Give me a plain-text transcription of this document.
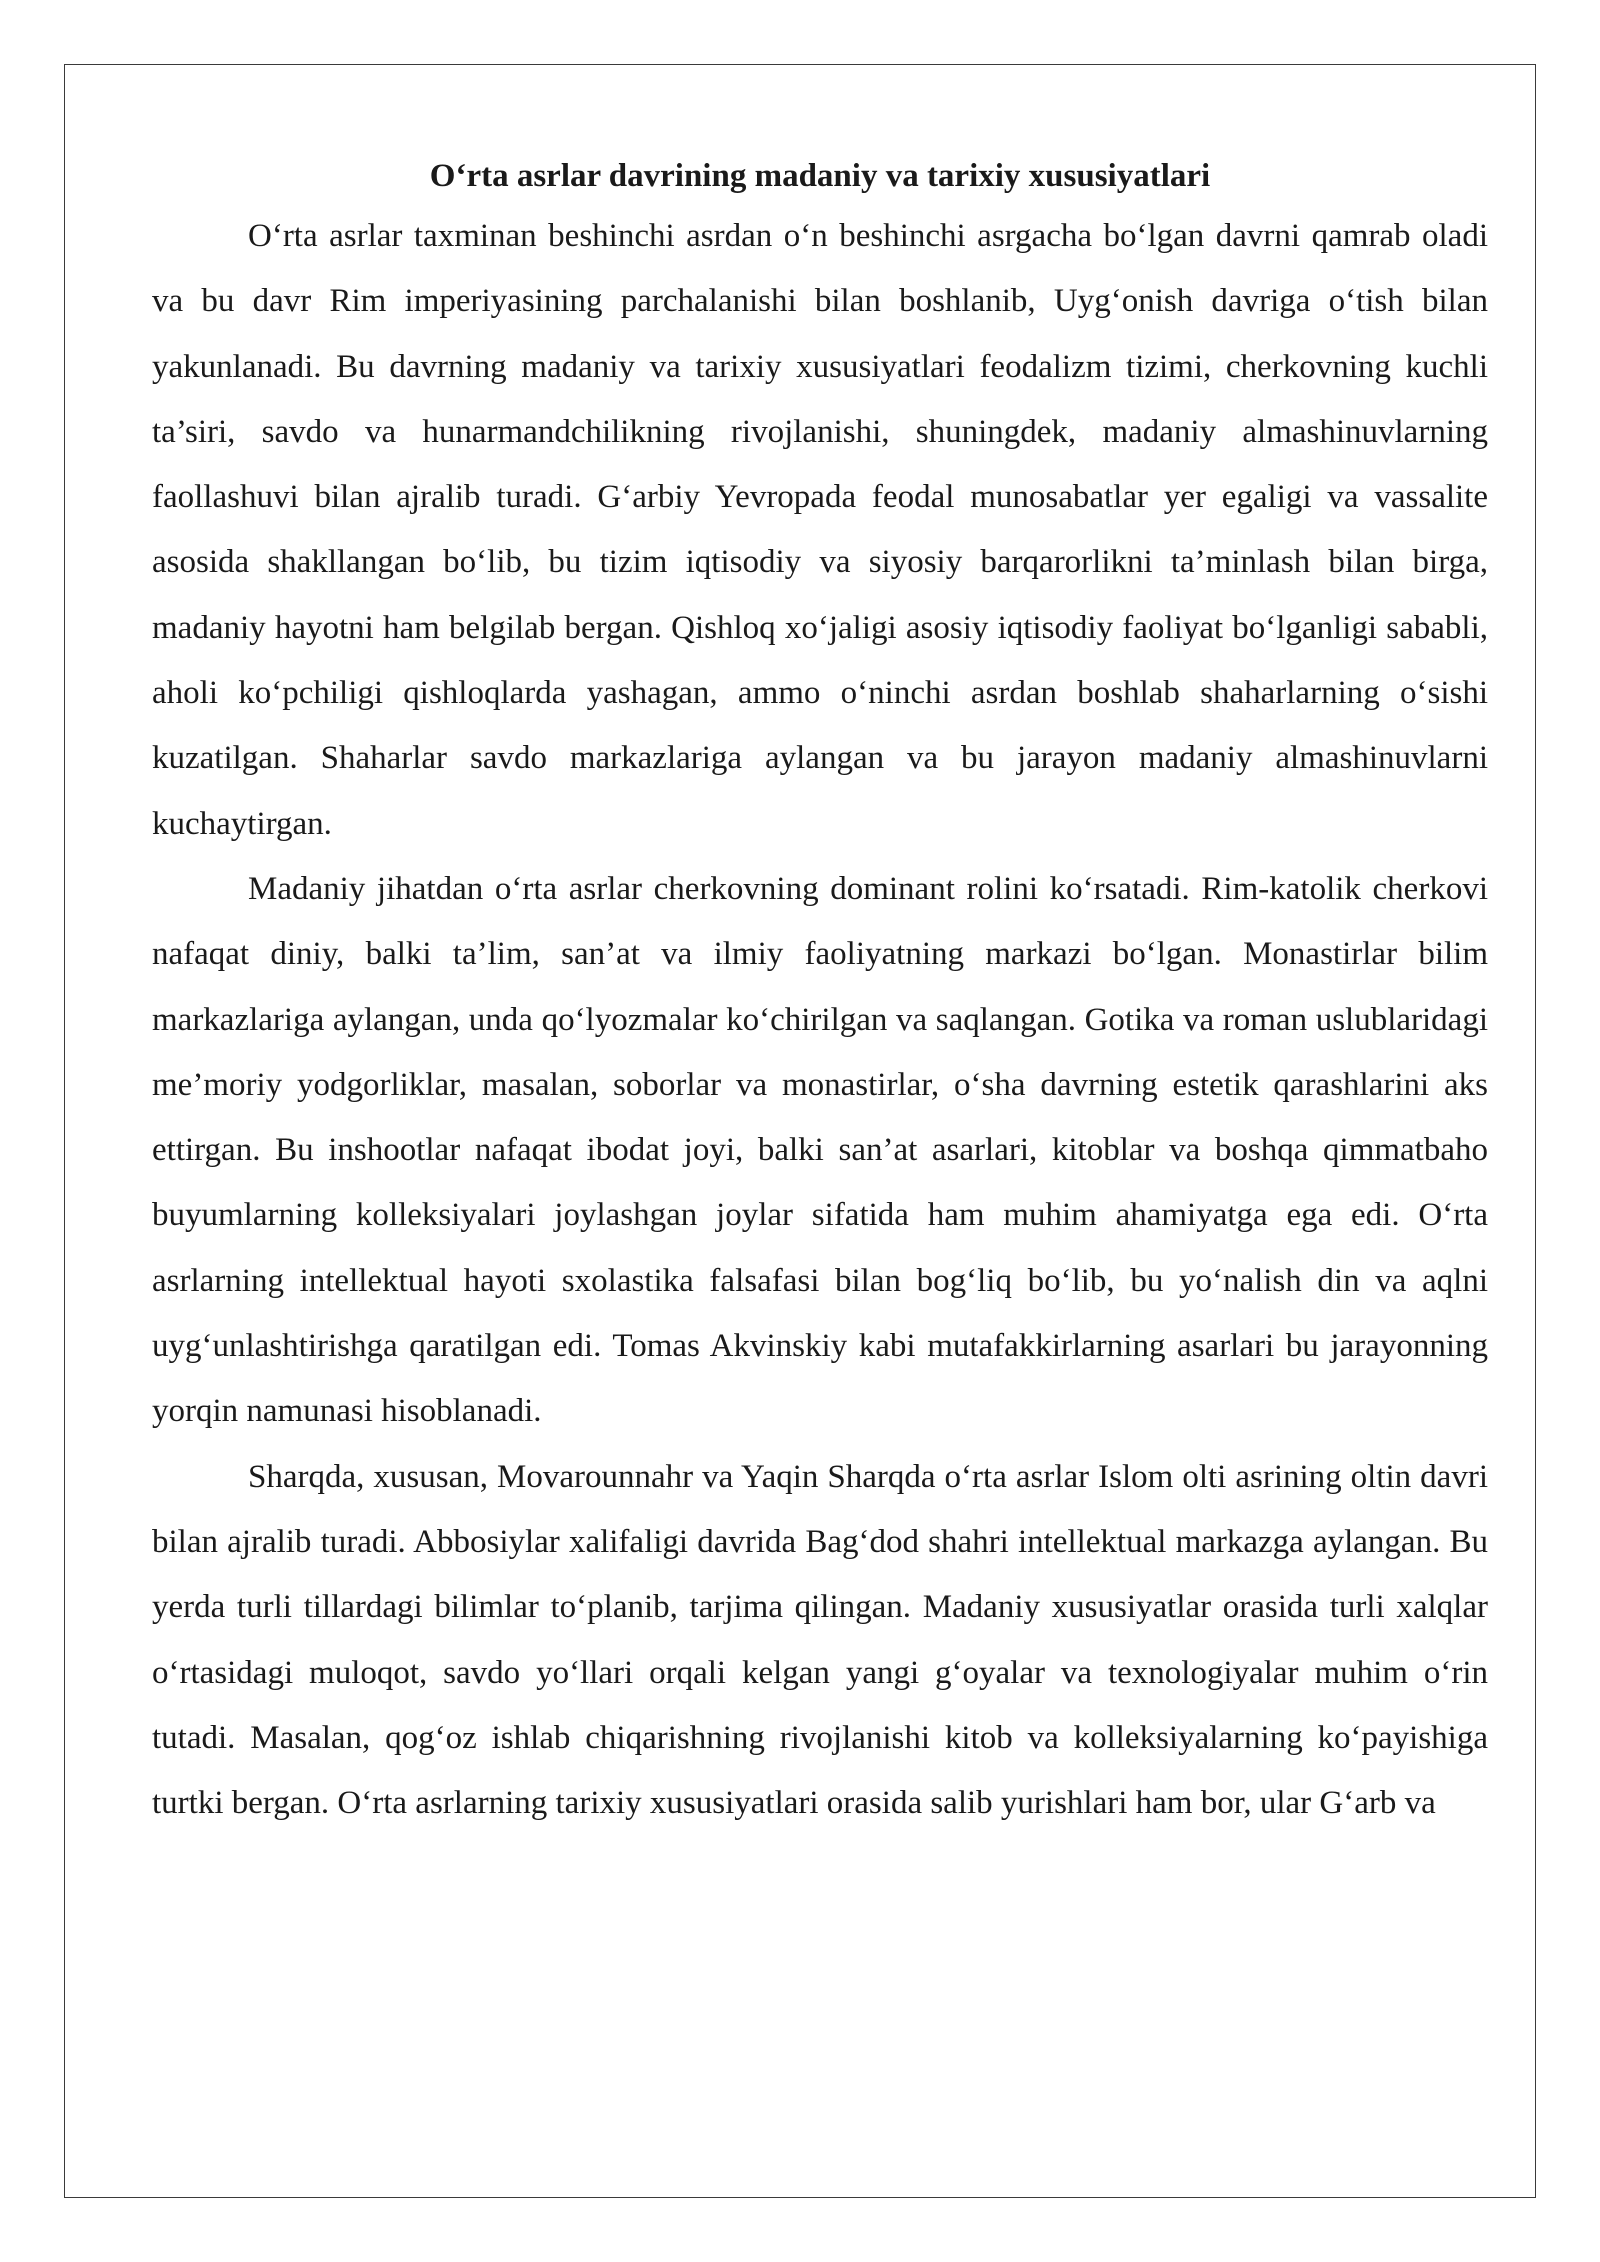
O‘rta asrlar davrining madaniy va tarixiy xususiyatlari

O‘rta asrlar taxminan beshinchi asrdan o‘n beshinchi asrgacha bo‘lgan davrni qamrab oladi va bu davr Rim imperiyasining parchalanishi bilan boshlanib, Uyg‘onish davriga o‘tish bilan yakunlanadi. Bu davrning madaniy va tarixiy xususiyatlari feodalizm tizimi, cherkovning kuchli ta’siri, savdo va hunarmandchilikning rivojlanishi, shuningdek, madaniy almashinuvlarning faollashuvi bilan ajralib turadi. G‘arbiy Yevropada feodal munosabatlar yer egaligi va vassalite asosida shakllangan bo‘lib, bu tizim iqtisodiy va siyosiy barqarorlikni ta’minlash bilan birga, madaniy hayotni ham belgilab bergan. Qishloq xo‘jaligi asosiy iqtisodiy faoliyat bo‘lganligi sababli, aholi ko‘pchiligi qishloqlarda yashagan, ammo o‘ninchi asrdan boshlab shaharlarning o‘sishi kuzatilgan. Shaharlar savdo markazlariga aylangan va bu jarayon madaniy almashinuvlarni kuchaytirgan.

Madaniy jihatdan o‘rta asrlar cherkovning dominant rolini ko‘rsatadi. Rim-katolik cherkovi nafaqat diniy, balki ta’lim, san’at va ilmiy faoliyatning markazi bo‘lgan. Monastirlar bilim markazlariga aylangan, unda qo‘lyozmalar ko‘chirilgan va saqlangan. Gotika va roman uslublaridagi me’moriy yodgorliklar, masalan, soborlar va monastirlar, o‘sha davrning estetik qarashlarini aks ettirgan. Bu inshootlar nafaqat ibodat joyi, balki san’at asarlari, kitoblar va boshqa qimmatbaho buyumlarning kolleksiyalari joylashgan joylar sifatida ham muhim ahamiyatga ega edi. O‘rta asrlarning intellektual hayoti sxolastika falsafasi bilan bog‘liq bo‘lib, bu yo‘nalish din va aqlni uyg‘unlashtirishga qaratilgan edi. Tomas Akvinskiy kabi mutafakkirlarning asarlari bu jarayonning yorqin namunasi hisoblanadi.

Sharqda, xususan, Movarounnahr va Yaqin Sharqda o‘rta asrlar Islom olti asrining oltin davri bilan ajralib turadi. Abbosiylar xalifaligi davrida Bag‘dod shahri intellektual markazga aylangan. Bu yerda turli tillardagi bilimlar to‘planib, tarjima qilingan. Madaniy xususiyatlar orasida turli xalqlar o‘rtasidagi muloqot, savdo yo‘llari orqali kelgan yangi g‘oyalar va texnologiyalar muhim o‘rin tutadi. Masalan, qog‘oz ishlab chiqarishning rivojlanishi kitob va kolleksiyalarning ko‘payishiga turtki bergan. O‘rta asrlarning tarixiy xususiyatlari orasida salib yurishlari ham bor, ular G‘arb va
